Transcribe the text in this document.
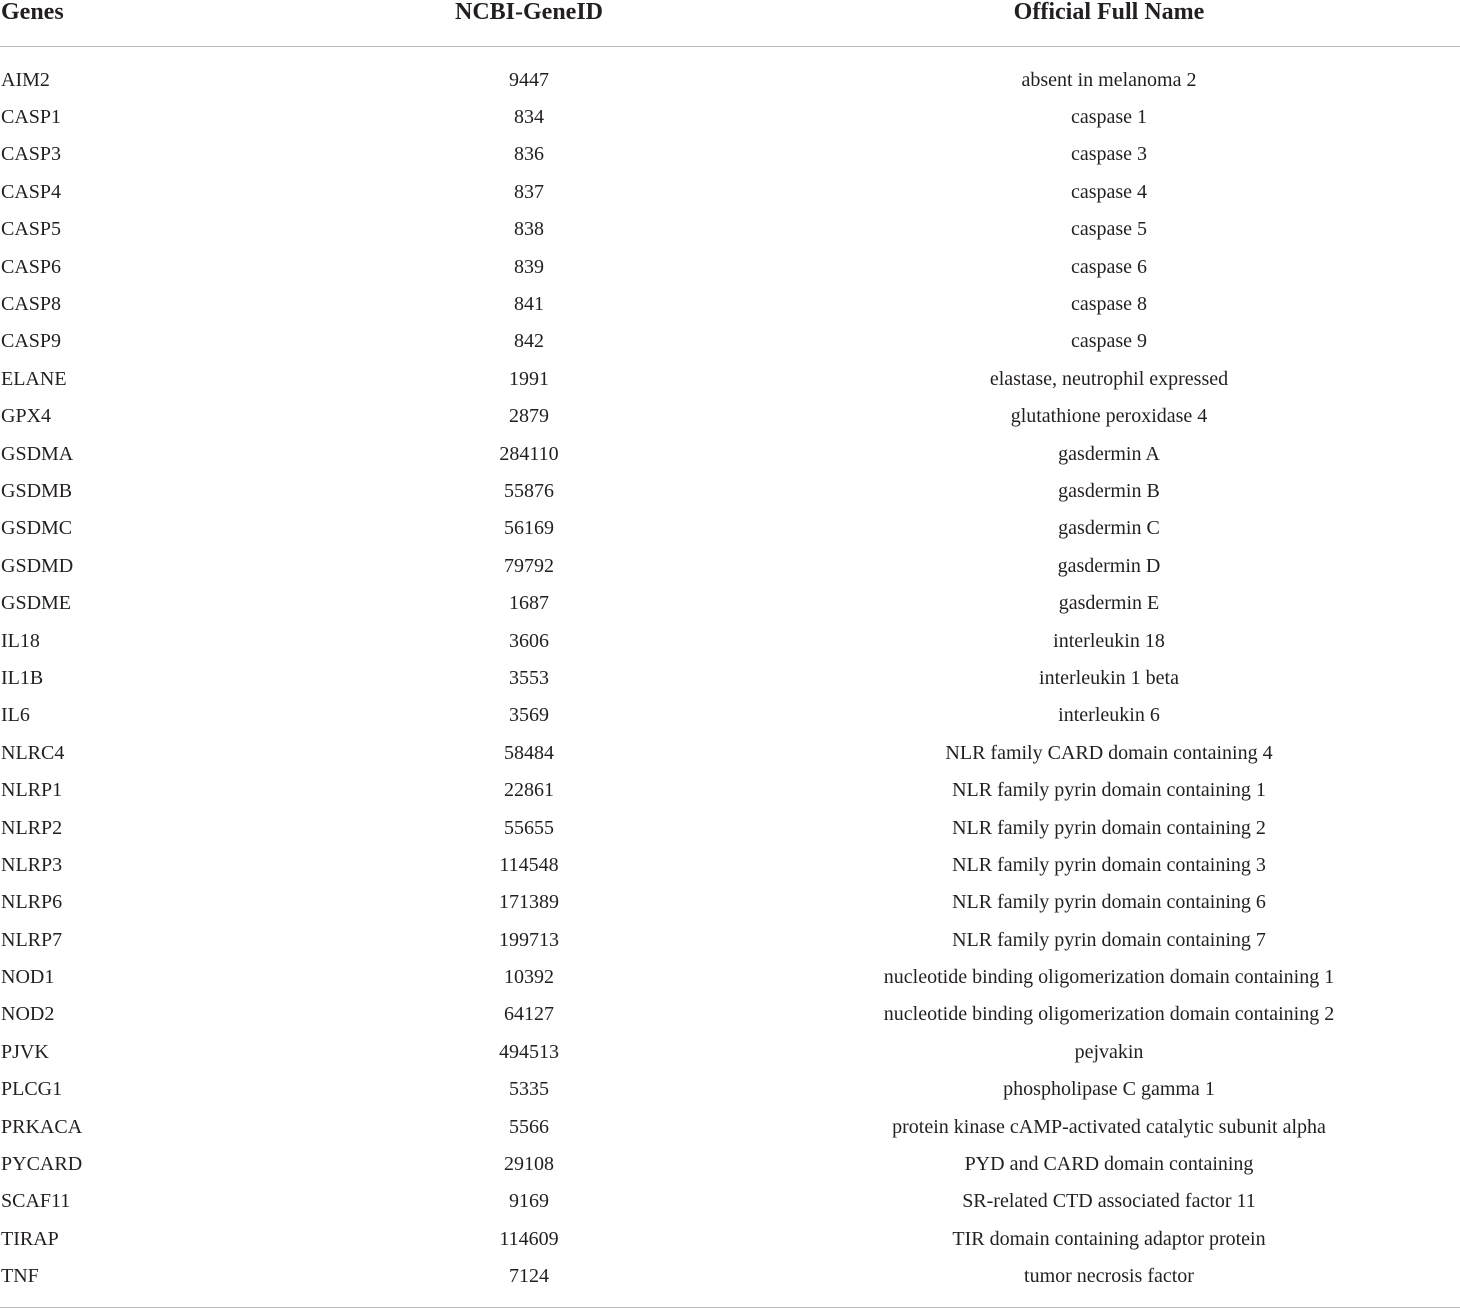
Genes	NCBI-GeneID	Official Full Name
AIM2	9447	absent in melanoma 2
CASP1	834	caspase 1
CASP3	836	caspase 3
CASP4	837	caspase 4
CASP5	838	caspase 5
CASP6	839	caspase 6
CASP8	841	caspase 8
CASP9	842	caspase 9
ELANE	1991	elastase, neutrophil expressed
GPX4	2879	glutathione peroxidase 4
GSDMA	284110	gasdermin A
GSDMB	55876	gasdermin B
GSDMC	56169	gasdermin C
GSDMD	79792	gasdermin D
GSDME	1687	gasdermin E
IL18	3606	interleukin 18
IL1B	3553	interleukin 1 beta
IL6	3569	interleukin 6
NLRC4	58484	NLR family CARD domain containing 4
NLRP1	22861	NLR family pyrin domain containing 1
NLRP2	55655	NLR family pyrin domain containing 2
NLRP3	114548	NLR family pyrin domain containing 3
NLRP6	171389	NLR family pyrin domain containing 6
NLRP7	199713	NLR family pyrin domain containing 7
NOD1	10392	nucleotide binding oligomerization domain containing 1
NOD2	64127	nucleotide binding oligomerization domain containing 2
PJVK	494513	pejvakin
PLCG1	5335	phospholipase C gamma 1
PRKACA	5566	protein kinase cAMP-activated catalytic subunit alpha
PYCARD	29108	PYD and CARD domain containing
SCAF11	9169	SR-related CTD associated factor 11
TIRAP	114609	TIR domain containing adaptor protein
TNF	7124	tumor necrosis factor
